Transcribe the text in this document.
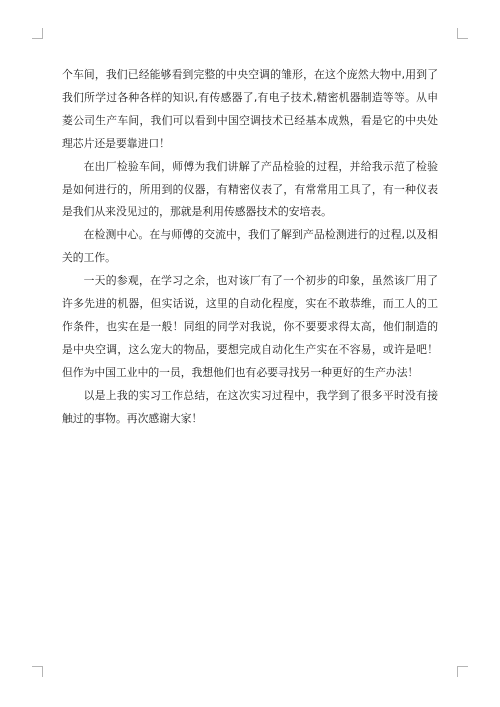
个车间，我们已经能够看到完整的中央空调的雏形，在这个庞然大物中,用到了我们所学过各种各样的知识,有传感器了,有电子技术,精密机器制造等等。从申菱公司生产车间，我们可以看到中国空调技术已经基本成熟，看是它的中央处理芯片还是要靠进口！

在出厂检验车间，师傅为我们讲解了产品检验的过程，并给我示范了检验是如何进行的，所用到的仪器，有精密仪表了，有常常用工具了，有一种仪表是我们从来没见过的，那就是利用传感器技术的安培表。

在检测中心。在与师傅的交流中，我们了解到产品检测进行的过程,以及相关的工作。

一天的参观，在学习之余，也对该厂有了一个初步的印象，虽然该厂用了许多先进的机器，但实话说，这里的自动化程度，实在不敢恭维，而工人的工作条件，也实在是一般！同组的同学对我说，你不要要求得太高，他们制造的是中央空调，这么宠大的物品，要想完成自动化生产实在不容易，或许是吧！但作为中国工业中的一员，我想他们也有必要寻找另一种更好的生产办法！

以是上我的实习工作总结，在这次实习过程中，我学到了很多平时没有接触过的事物。再次感谢大家！
